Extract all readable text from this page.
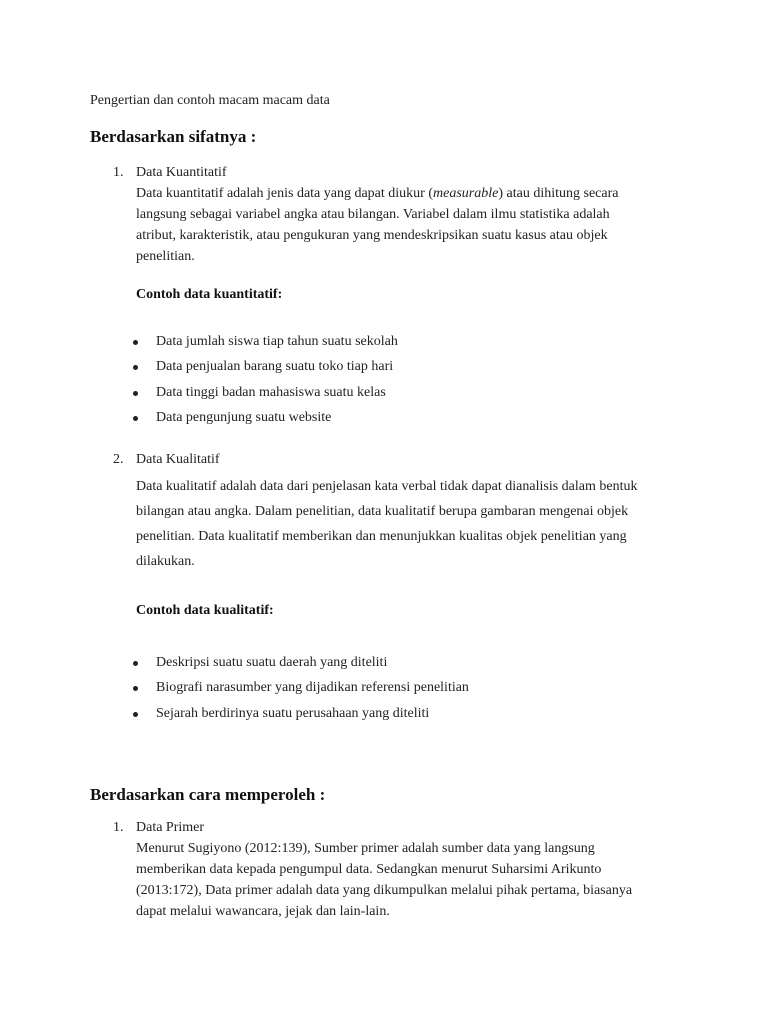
Pengertian dan contoh macam macam data
Berdasarkan sifatnya :
1. Data Kuantitatif
Data kuantitatif adalah jenis data yang dapat diukur (measurable) atau dihitung secara
langsung sebagai variabel angka atau bilangan. Variabel dalam ilmu statistika adalah
atribut, karakteristik, atau pengukuran yang mendeskripsikan suatu kasus atau objek
penelitian.
Contoh data kuantitatif:
Data jumlah siswa tiap tahun suatu sekolah
Data penjualan barang suatu toko tiap hari
Data tinggi badan mahasiswa suatu kelas
Data pengunjung suatu website
2. Data Kualitatif
Data kualitatif adalah data dari penjelasan kata verbal tidak dapat dianalisis dalam bentuk
bilangan atau angka. Dalam penelitian, data kualitatif berupa gambaran mengenai objek
penelitian. Data kualitatif memberikan dan menunjukkan kualitas objek penelitian yang
dilakukan.
Contoh data kualitatif:
Deskripsi suatu suatu daerah yang diteliti
Biografi narasumber yang dijadikan referensi penelitian
Sejarah berdirinya suatu perusahaan yang diteliti
Berdasarkan cara memperoleh :
1. Data Primer
Menurut Sugiyono (2012:139), Sumber primer adalah sumber data yang langsung
memberikan data kepada pengumpul data. Sedangkan menurut Suharsimi Arikunto
(2013:172), Data primer adalah data yang dikumpulkan melalui pihak pertama, biasanya
dapat melalui wawancara, jejak dan lain-lain.
